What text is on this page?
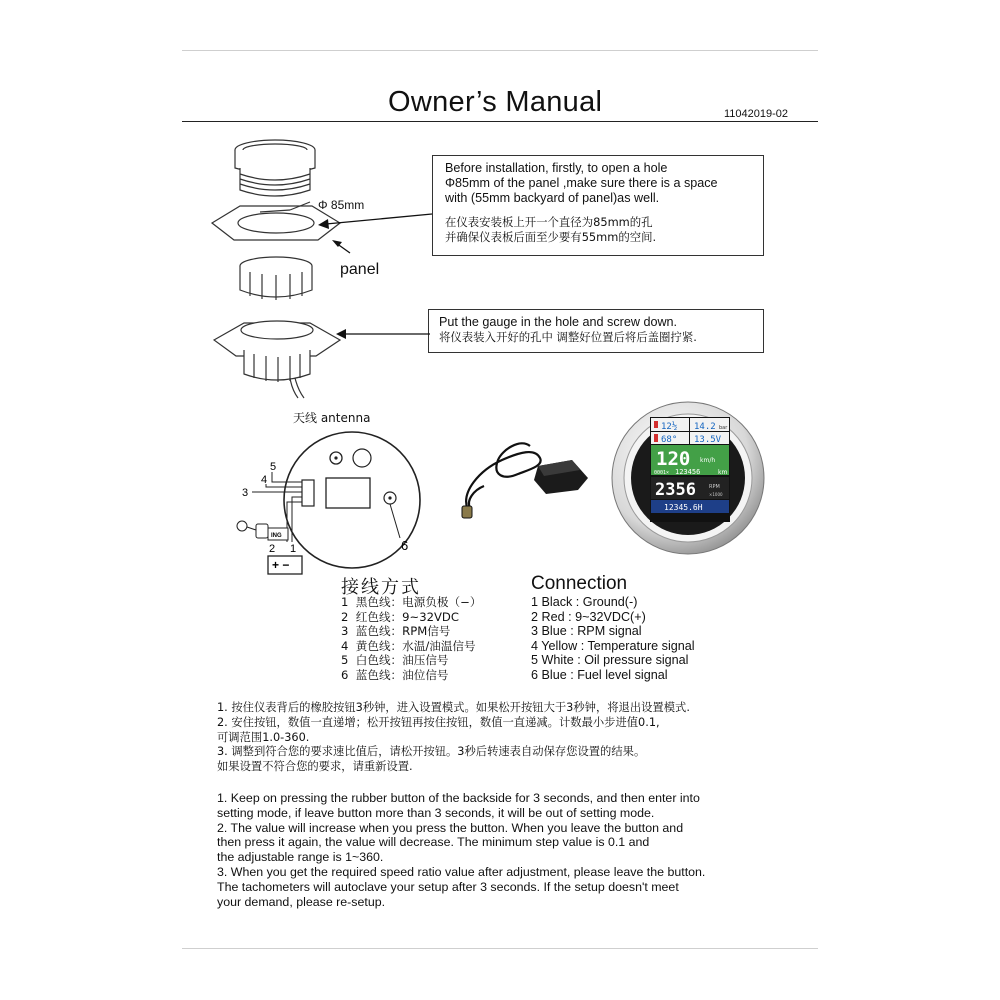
Owner’s Manual	11042019-02
Φ 85mm
panel

Before installation, firstly, to open a hole

Φ85mm of the panel ,make sure there is a space

with (55mm backyard of panel)as well.

在仪表安装板上开一个直径为85mm的孔

并确保仪表板后面至少要有55mm的空间.

Put the gauge in the hole and screw down.

将仪表装入开好的孔中 调整好位置后将后盖圈拧紧.

天线 antenna
5
4
3
2 1	6
ING
+ −
12½ 14.2 bar
68° 13.5V
120 km/h
0001× 123456	km
2356	RPM
×1000
12345.6H
接线方式	Connection
1 黑色线：电源负极（−）
2 红色线：9~32VDC
3 蓝色线：RPM信号
4 黄色线：水温/油温信号
5 白色线：油压信号
6 蓝色线：油位信号
1 Black : Ground(-)
2 Red : 9~32VDC(+)
3 Blue : RPM signal
4 Yellow : Temperature signal
5 White : Oil pressure signal
6 Blue : Fuel level signal
1. 按住仪表背后的橡胶按钮3秒钟，进入设置模式。如果松开按钮大于3秒钟，将退出设置模式.
2. 安住按钮，数值一直递增；松开按钮再按住按钮，数值一直递减。计数最小步进值0.1,
可调范围1.0-360.
3. 调整到符合您的要求速比值后，请松开按钮。3秒后转速表自动保存您设置的结果。
如果设置不符合您的要求，请重新设置.
1. Keep on pressing the rubber button of the backside for 3 seconds, and then enter into
setting mode, if leave button more than 3 seconds, it will be out of setting mode.
2. The value will increase when you press the button. When you leave the button and
then press it again, the value will decrease. The minimum step value is 0.1 and
the adjustable range is 1~360.
3. When you get the required speed ratio value after adjustment, please leave the button.
The tachometers will autoclave your setup after 3 seconds. If the setup doesn't meet
your demand, please re-setup.
